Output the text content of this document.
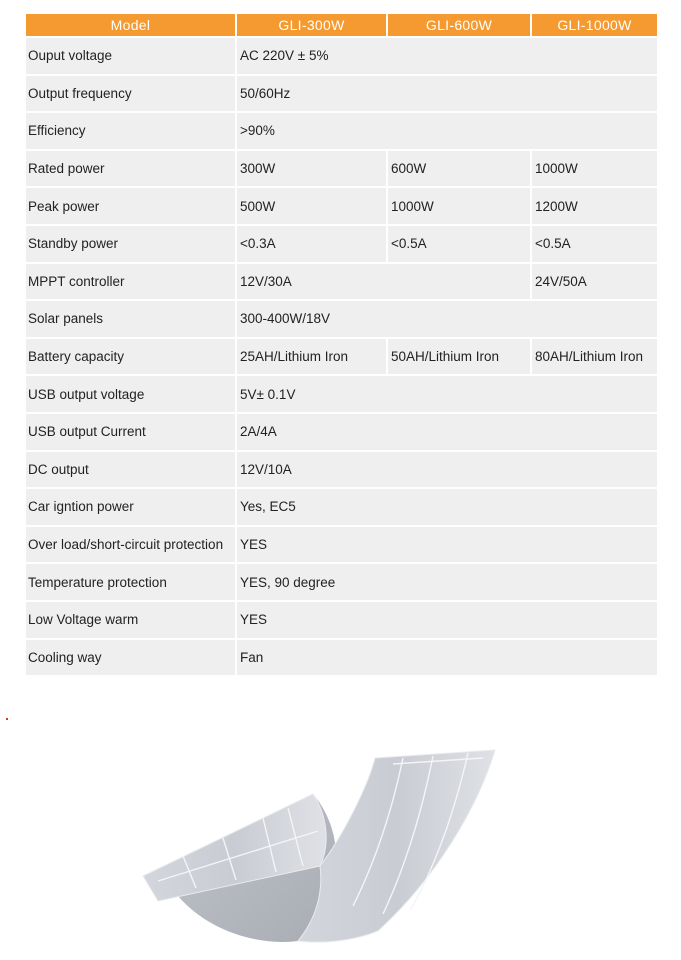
Model	GLI-300W	GLI-600W	GLI-1000W
Ouput voltage	AC 220V ± 5%		
Output frequency	50/60Hz		
Efficiency	>90%		
Rated power	300W	600W	1000W
Peak power	500W	1000W	1200W
Standby power	<0.3A	<0.5A	<0.5A
MPPT controller	12V/30A		24V/50A
Solar panels	300-400W/18V		
Battery capacity	25AH/Lithium Iron	50AH/Lithium Iron	80AH/Lithium Iron
USB output voltage	5V± 0.1V		
USB output Current	2A/4A		
DC output	12V/10A		
Car igntion power	Yes, EC5		
Over load/short-circuit protection	YES		
Temperature protection	YES, 90 degree		
Low Voltage warm	YES		
Cooling way	Fan		
